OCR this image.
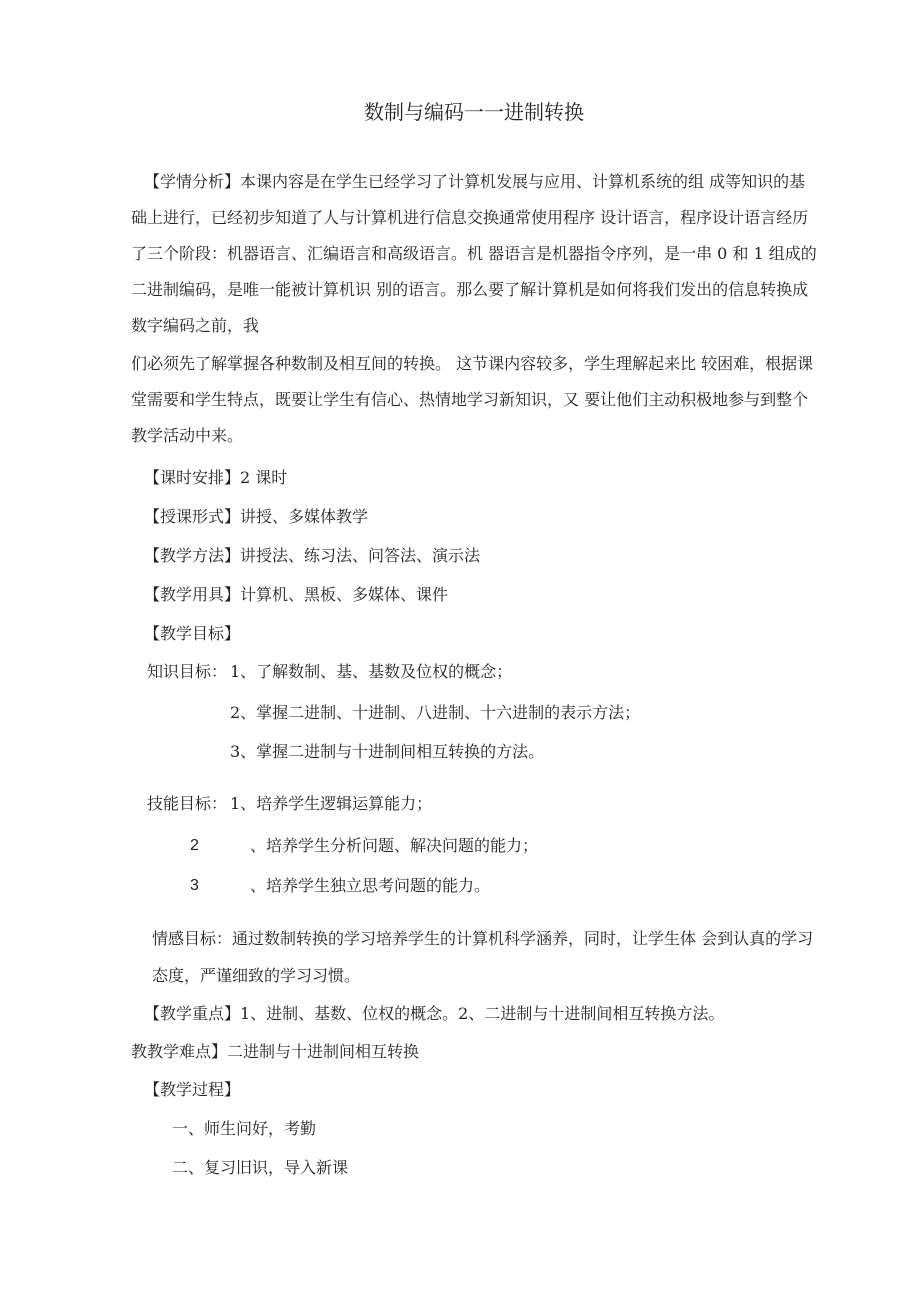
数制与编码一一进制转换

【学情分析】本课内容是在学生已经学习了计算机发展与应用、计算机系统的组 成等知识的基

础上进行，已经初步知道了人与计算机进行信息交换通常使用程序 设计语言，程序设计语言经历

了三个阶段：机器语言、汇编语言和高级语言。机 器语言是机器指令序列，是一串 0 和 1 组成的

二进制编码，是唯一能被计算机识 别的语言。那么要了解计算机是如何将我们发出的信息转换成

数字编码之前，我

们必须先了解掌握各种数制及相互间的转换。 这节课内容较多，学生理解起来比 较困难，根据课

堂需要和学生特点，既要让学生有信心、热情地学习新知识，又 要让他们主动积极地参与到整个

教学活动中来。

【课时安排】2 课时

【授课形式】讲授、多媒体教学

【教学方法】讲授法、练习法、问答法、演示法

【教学用具】计算机、黑板、多媒体、课件

【教学目标】

知识目标： 1、了解数制、基、基数及位权的概念；

2、掌握二进制、十进制、八进制、十六进制的表示方法；

3、掌握二进制与十进制间相互转换的方法。

技能目标： 1、培养学生逻辑运算能力；

2	、培养学生分析问题、解决问题的能力；

3	、培养学生独立思考问题的能力。

情感目标：通过数制转换的学习培养学生的计算机科学涵养，同时，让学生体 会到认真的学习

态度，严谨细致的学习习惯。

【教学重点】1、进制、基数、位权的概念。2、二进制与十进制间相互转换方法。

教教学难点】二进制与十进制间相互转换

【教学过程】

一、师生问好，考勤

二、复习旧识，导入新课
